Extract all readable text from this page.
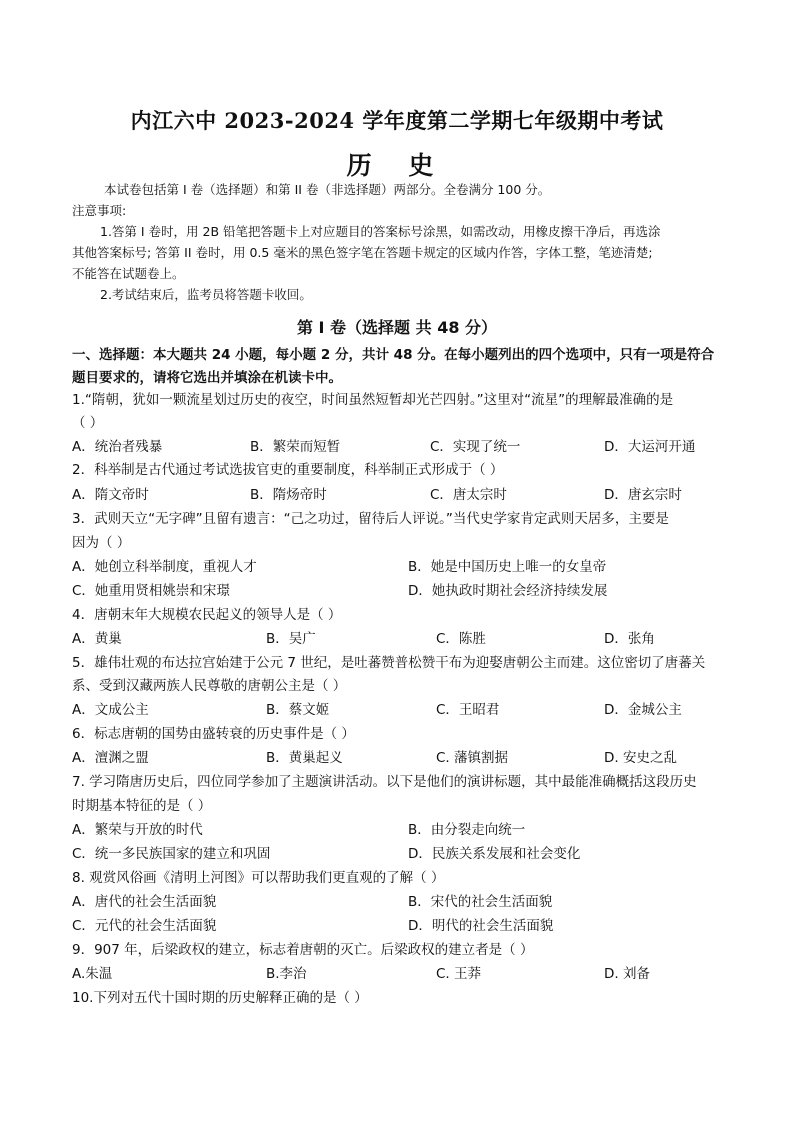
内江六中 2023-2024 学年度第二学期七年级期中考试
历 史
本试卷包括第 I 卷（选择题）和第 II 卷（非选择题）两部分。全卷满分 100 分。
注意事项:
1.答第 I 卷时，用 2B 铅笔把答题卡上对应题目的答案标号涂黑，如需改动，用橡皮擦干净后，再选涂
其他答案标号; 答第 II 卷时，用 0.5 毫米的黑色签字笔在答题卡规定的区域内作答，字体工整，笔迹清楚;
不能答在试题卷上。
2.考试结束后，监考员将答题卡收回。
第 I 卷（选择题 共 48 分）
一、选择题：本大题共 24 小题，每小题 2 分，共计 48 分。在每小题列出的四个选项中，只有一项是符合
题目要求的，请将它选出并填涂在机读卡中。
1.“隋朝，犹如一颗流星划过历史的夜空，时间虽然短暂却光芒四射。”这里对“流星”的理解最准确的是
（ ）
A．统治者残暴	B．繁荣而短暂	C．实现了统一	D．大运河开通
2．科举制是古代通过考试选拔官吏的重要制度，科举制正式形成于（ ）
A．隋文帝时	B．隋炀帝时	C．唐太宗时	D．唐玄宗时
3．武则天立“无字碑”且留有遗言：“己之功过，留待后人评说。”当代史学家肯定武则天居多，主要是
因为（ ）
A．她创立科举制度，重视人才	B．她是中国历史上唯一的女皇帝
C．她重用贤相姚崇和宋璟	D．她执政时期社会经济持续发展
4．唐朝末年大规模农民起义的领导人是（ ）
A．黄巢	B．吴广	C．陈胜	D．张角
5．雄伟壮观的布达拉宫始建于公元 7 世纪，是吐蕃赞普松赞干布为迎娶唐朝公主而建。这位密切了唐蕃关
系、受到汉藏两族人民尊敬的唐朝公主是（ ）
A．文成公主	B．蔡文姬	C．王昭君	D．金城公主
6．标志唐朝的国势由盛转衰的历史事件是（ ）
A．澶渊之盟	B．黄巢起义	C. 藩镇割据	D. 安史之乱
7. 学习隋唐历史后，四位同学参加了主题演讲活动。以下是他们的演讲标题，其中最能准确概括这段历史
时期基本特征的是（ ）
A．繁荣与开放的时代	B．由分裂走向统一
C．统一多民族国家的建立和巩固	D．民族关系发展和社会变化
8. 观赏风俗画《清明上河图》可以帮助我们更直观的了解（ ）
A．唐代的社会生活面貌	B．宋代的社会生活面貌
C．元代的社会生活面貌	D．明代的社会生活面貌
9．907 年，后梁政权的建立，标志着唐朝的灭亡。后梁政权的建立者是（ ）
A.朱温	B.李治	C. 王莽	D. 刘备
10.下列对五代十国时期的历史解释正确的是（ ）
